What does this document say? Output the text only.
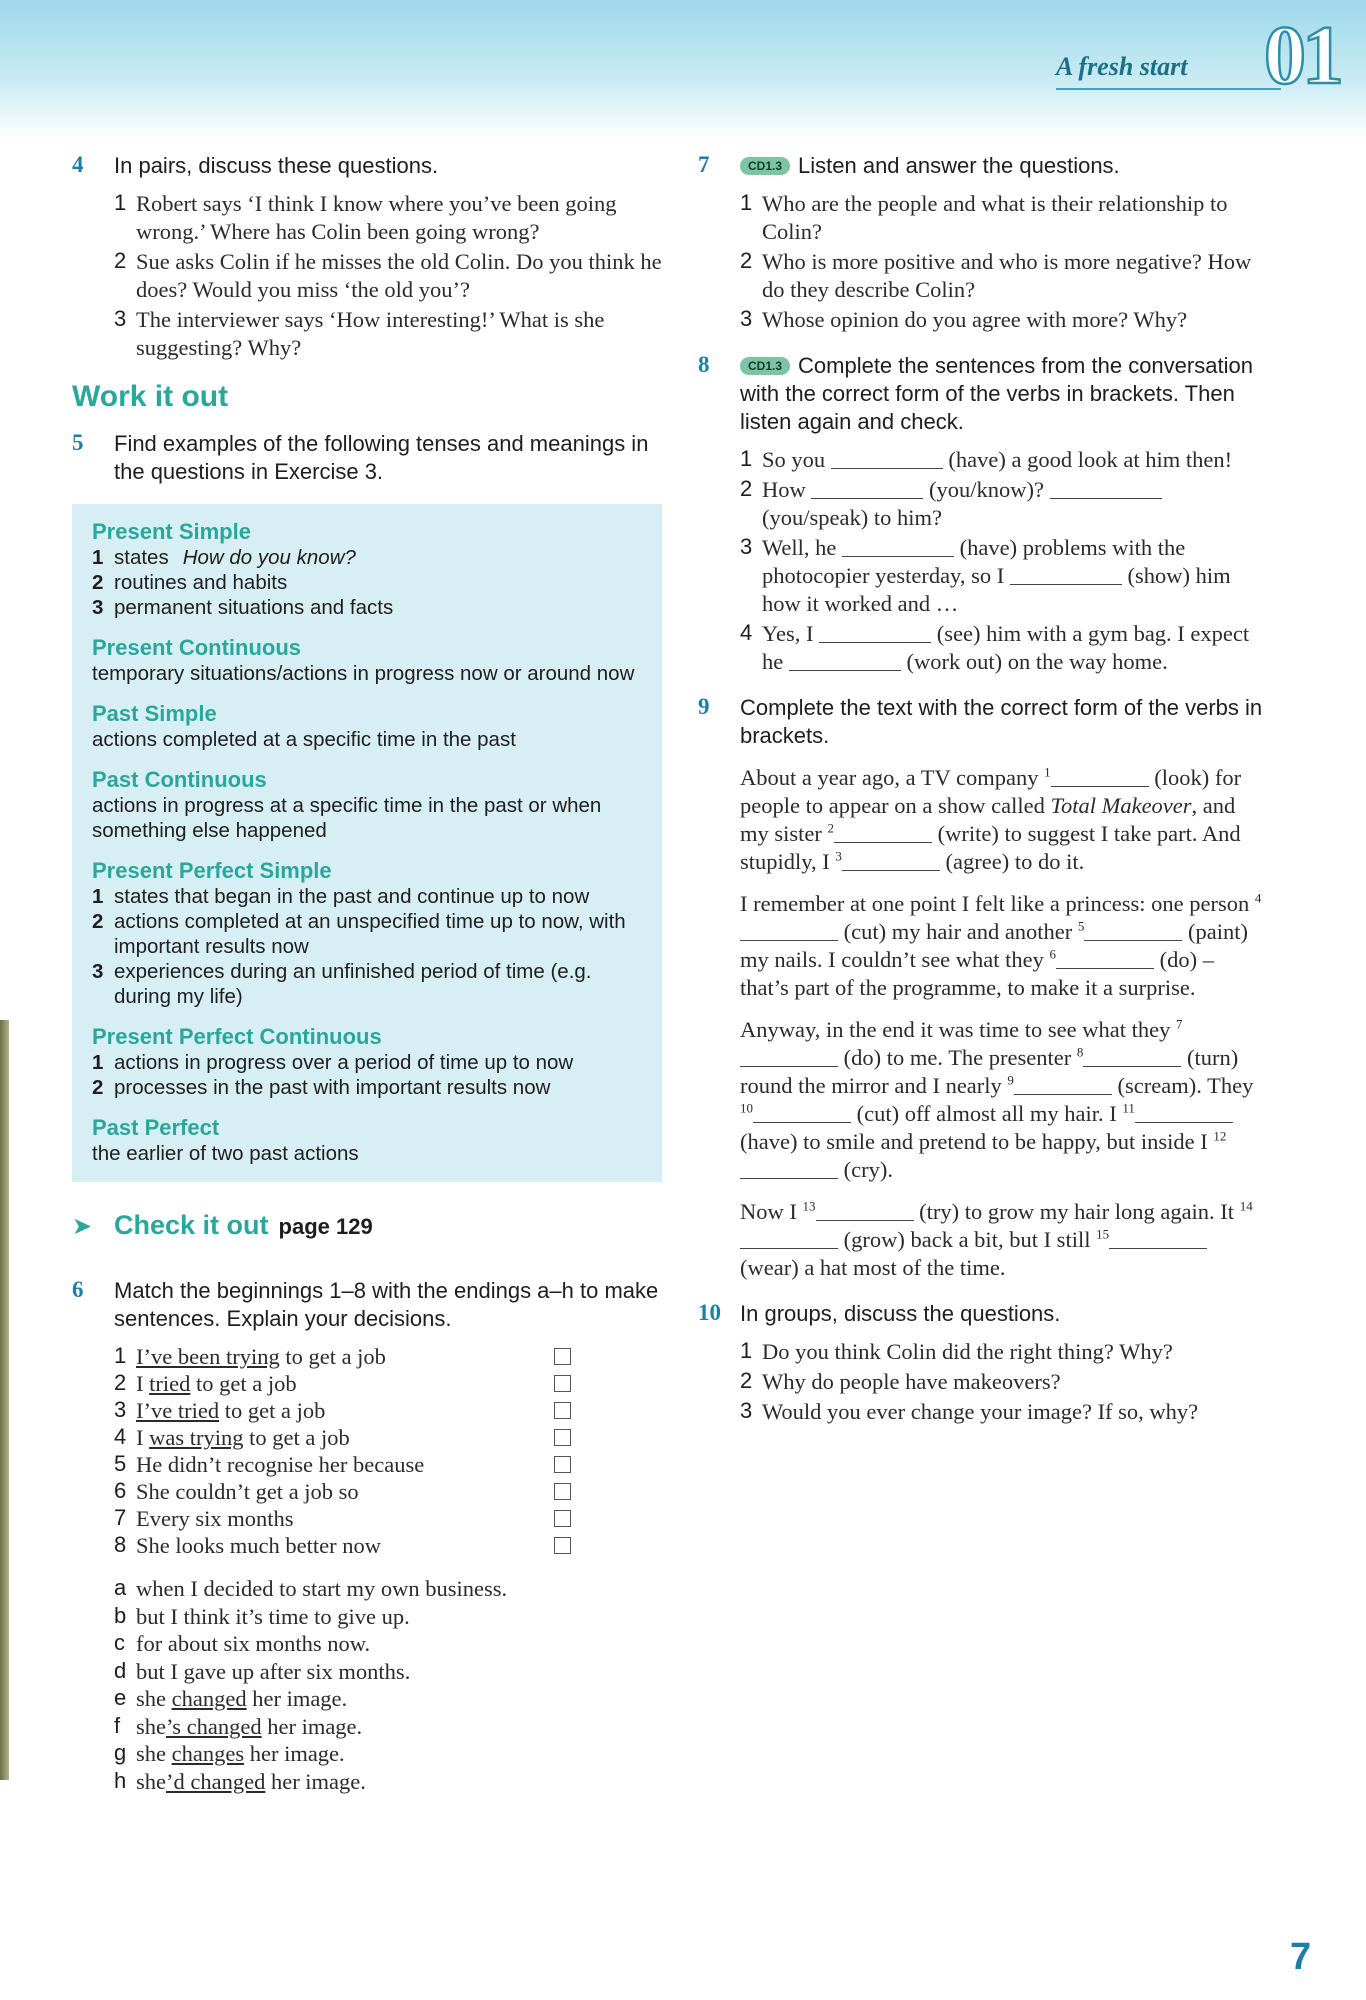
A fresh start 01
4	In pairs, discuss these questions.
1 Robert says ‘I think I know where you’ve been going wrong.’ Where has Colin been going wrong?
2 Sue asks Colin if he misses the old Colin. Do you think he does? Would you miss ‘the old you’?
3 The interviewer says ‘How interesting!’ What is she suggesting? Why?
Work it out
5	Find examples of the following tenses and meanings in the questions in Exercise 3.
Present Simple
1 states How do you know?
2 routines and habits
3 permanent situations and facts
Present Continuous
temporary situations/actions in progress now or around now
Past Simple
actions completed at a specific time in the past
Past Continuous
actions in progress at a specific time in the past or when something else happened
Present Perfect Simple
1 states that began in the past and continue up to now
2 actions completed at an unspecified time up to now, with important results now
3 experiences during an unfinished period of time (e.g. during my life)
Present Perfect Continuous
1 actions in progress over a period of time up to now
2 processes in the past with important results now
Past Perfect
the earlier of two past actions
➤ Check it out page 129
6	Match the beginnings 1–8 with the endings a–h to make sentences. Explain your decisions.
1 I’ve been trying to get a job
2 I tried to get a job
3 I’ve tried to get a job
4 I was trying to get a job
5 He didn’t recognise her because
6 She couldn’t get a job so
7 Every six months
8 She looks much better now
a when I decided to start my own business.
b but I think it’s time to give up.
c for about six months now.
d but I gave up after six months.
e she changed her image.
f she’s changed her image.
g she changes her image.
h she’d changed her image.
7	CD1.3 Listen and answer the questions.
1 Who are the people and what is their relationship to Colin?
2 Who is more positive and who is more negative? How do they describe Colin?
3 Whose opinion do you agree with more? Why?
8	CD1.3 Complete the sentences from the conversation with the correct form of the verbs in brackets. Then listen again and check.
1 So you	(have) a good look at him then!
2 How	(you/know)?  (you/speak) to him?
3 Well, he	(have) problems with the photocopier yesterday, so I	(show) him how it worked and …
4 Yes, I	(see) him with a gym bag. I expect he	(work out) on the way home.
9	Complete the text with the correct form of the verbs in brackets.
About a year ago, a TV company $^1$	(look) for people to appear on a show called Total Makeover, and my sister $^2$	(write) to suggest I take part. And stupidly, I $^3$	(agree) to do it.
I remember at one point I felt like a princess: one person $^4$ (cut) my hair and another $^5$	(paint) my nails. I couldn’t see what they $^6$	(do) – that’s part of the programme, to make it a surprise.
Anyway, in the end it was time to see what they $^7$ (do) to me. The presenter $^8$	(turn) round the mirror and I nearly $^9$	(scream). They $^{10}$	(cut) off almost all my hair. I $^{11}$ (have) to smile and pretend to be happy, but inside I $^{12}$ (cry).
Now I $^{13}$	(try) to grow my hair long again. It $^{14}$ (grow) back a bit, but I still $^{15}$ (wear) a hat most of the time.
10 In groups, discuss the questions.
1 Do you think Colin did the right thing? Why?
2 Why do people have makeovers?
3 Would you ever change your image? If so, why?
7
